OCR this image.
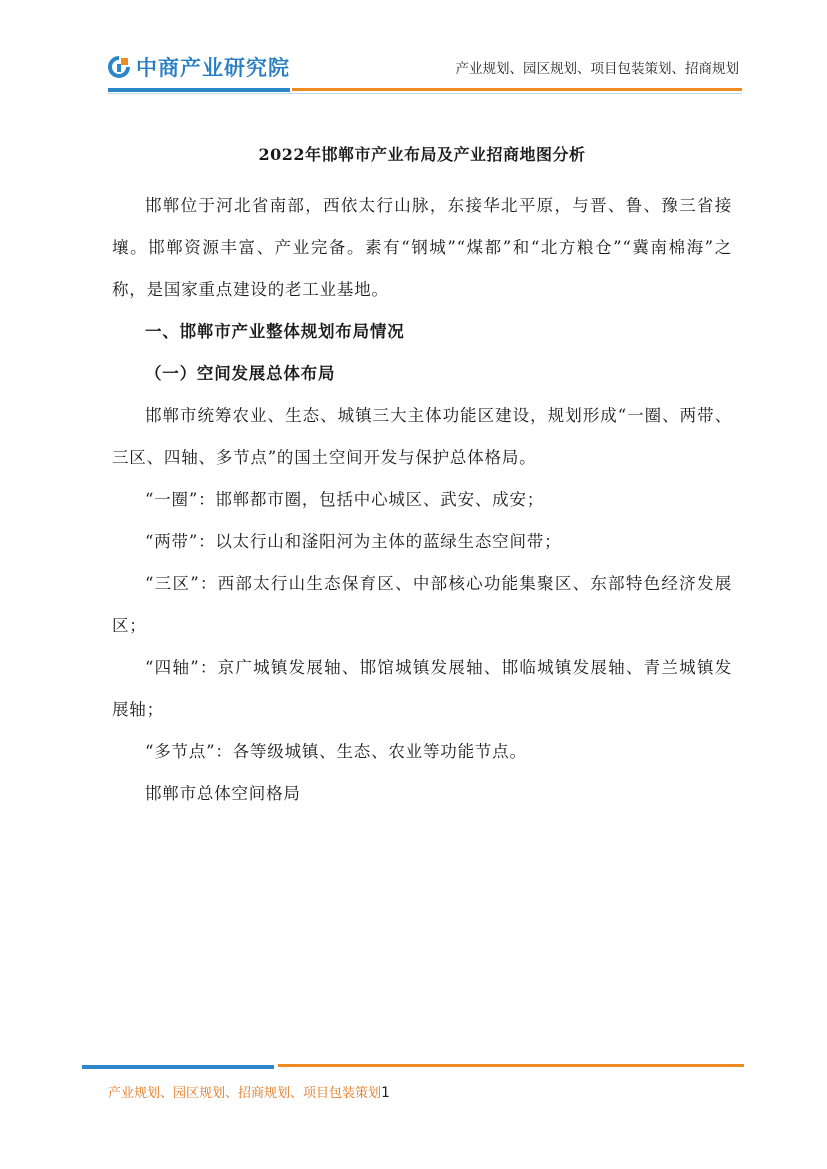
中商产业研究院	产业规划、园区规划、项目包装策划、招商规划

2022年邯郸市产业布局及产业招商地图分析

邯郸位于河北省南部，西依太行山脉，东接华北平原，与晋、鲁、豫三省接壤。邯郸资源丰富、产业完备。素有“钢城”“煤都”和“北方粮仓”“冀南棉海”之称，是国家重点建设的老工业基地。

一、邯郸市产业整体规划布局情况

（一）空间发展总体布局

邯郸市统筹农业、生态、城镇三大主体功能区建设，规划形成“一圈、两带、三区、四轴、多节点”的国土空间开发与保护总体格局。

“一圈”：邯郸都市圈，包括中心城区、武安、成安；

“两带”：以太行山和滏阳河为主体的蓝绿生态空间带；

“三区”：西部太行山生态保育区、中部核心功能集聚区、东部特色经济发展区；

“四轴”：京广城镇发展轴、邯馆城镇发展轴、邯临城镇发展轴、青兰城镇发展轴；

“多节点”：各等级城镇、生态、农业等功能节点。

邯郸市总体空间格局

产业规划、园区规划、招商规划、项目包装策划1
